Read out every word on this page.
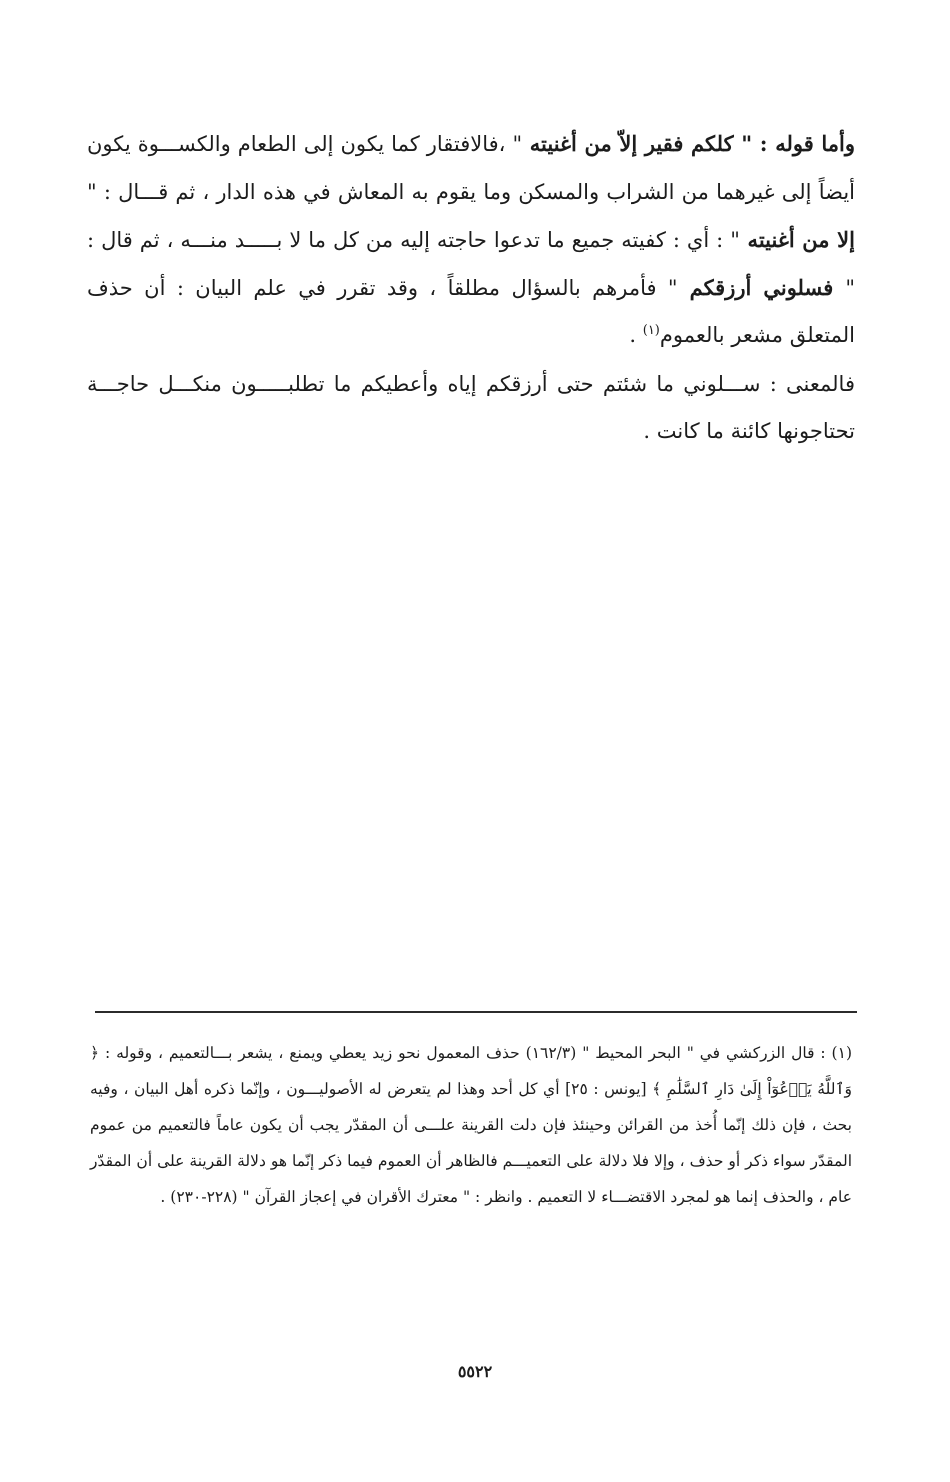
وأما قوله : " كلكم فقير إلاّ من أغنيته " ،فالافتقار كما يكون إلى الطعام والكســـوة يكون أيضاً إلى غيرهما من الشراب والمسكن وما يقوم به المعاش في هذه الدار ، ثم قـــال : " إلا من أغنيته " : أي : كفيته جميع ما تدعوا حاجته إليه من كل ما لا بـــــد منـــه ، ثم قال : " فسلوني أرزقكم " فأمرهم بالسؤال مطلقاً ، وقد تقرر في علم البيان : أن حذف المتعلق مشعر بالعموم$^{(١)}$ .

فالمعنى : ســـلوني ما شئتم حتى أرزقكم إياه وأعطيكم ما تطلبـــــون منكـــل حاجـــة تحتاجونها كائنة ما كانت .

(١) : قال الزركشي في " البحر المحيط " (١٦٢/٣) حذف المعمول نحو زيد يعطي ويمنع ، يشعر بـــالتعميم ، وقوله : ﴿ وَٱللَّهُ يَدۡعُوٓاْ إِلَىٰ دَارِ ٱلسَّلَٰمِ ﴾ [يونس : ٢٥] أي كل أحد وهذا لم يتعرض له الأصوليـــون ، وإنّما ذكره أهل البيان ، وفيه بحث ، فإن ذلك إنّما أُخذ من القرائن وحينئذ فإن دلت القرينة علـــى أن المقدّر يجب أن يكون عاماً فالتعميم من عموم المقدّر سواء ذكر أو حذف ، وإلا فلا دلالة على التعميـــم فالظاهر أن العموم فيما ذكر إنّما هو دلالة القرينة على أن المقدّر عام ، والحذف إنما هو لمجرد الاقتضـــاء لا التعميم . وانظر : " معترك الأقران في إعجاز القرآن " (٢٢٨-٢٣٠) .

٥٥٢٢
